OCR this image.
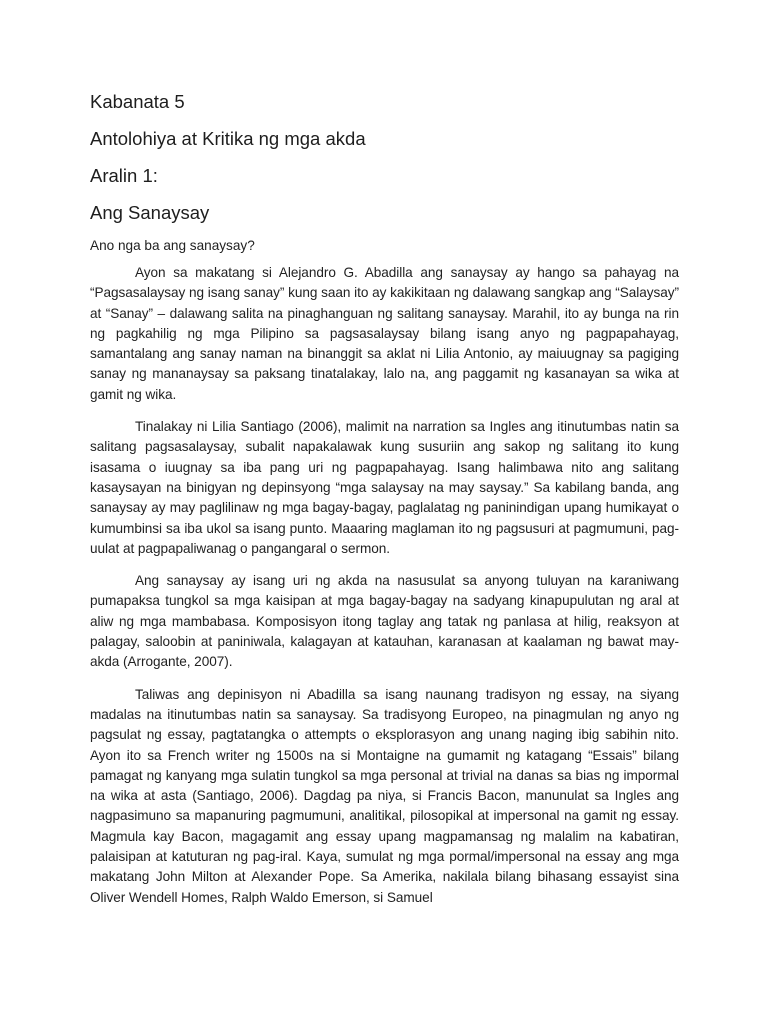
Kabanata 5
Antolohiya at Kritika ng mga akda
Aralin 1:
Ang Sanaysay

Ano nga ba ang sanaysay?

Ayon sa makatang si Alejandro G. Abadilla ang sanaysay ay hango sa pahayag na “Pagsasalaysay ng isang sanay” kung saan ito ay kakikitaan ng dalawang sangkap ang “Salaysay” at “Sanay” – dalawang salita na pinaghanguan ng salitang sanaysay. Marahil, ito ay bunga na rin ng pagkahilig ng mga Pilipino sa pagsasalaysay bilang isang anyo ng pagpapahayag, samantalang ang sanay naman na binanggit sa aklat ni Lilia Antonio, ay maiuugnay sa pagiging sanay ng mananaysay sa paksang tinatalakay, lalo na, ang paggamit ng kasanayan sa wika at gamit ng wika.

Tinalakay ni Lilia Santiago (2006), malimit na narration sa Ingles ang itinutumbas natin sa salitang pagsasalaysay, subalit napakalawak kung susuriin ang sakop ng salitang ito kung isasama o iuugnay sa iba pang uri ng pagpapahayag. Isang halimbawa nito ang salitang kasaysayan na binigyan ng depinsyong “mga salaysay na may saysay.” Sa kabilang banda, ang sanaysay ay may paglilinaw ng mga bagay-bagay, paglalatag ng paninindigan upang humikayat o kumumbinsi sa iba ukol sa isang punto. Maaaring maglaman ito ng pagsusuri at pagmumuni, pag-uulat at pagpapaliwanag o pangangaral o sermon.

Ang sanaysay ay isang uri ng akda na nasusulat sa anyong tuluyan na karaniwang pumapaksa tungkol sa mga kaisipan at mga bagay-bagay na sadyang kinapupulutan ng aral at aliw ng mga mambabasa. Komposisyon itong taglay ang tatak ng panlasa at hilig, reaksyon at palagay, saloobin at paniniwala, kalagayan at katauhan, karanasan at kaalaman ng bawat may-akda (Arrogante, 2007).

Taliwas ang depinisyon ni Abadilla sa isang naunang tradisyon ng essay, na siyang madalas na itinutumbas natin sa sanaysay. Sa tradisyong Europeo, na pinagmulan ng anyo ng pagsulat ng essay, pagtatangka o attempts o eksplorasyon ang unang naging ibig sabihin nito. Ayon ito sa French writer ng 1500s na si Montaigne na gumamit ng katagang “Essais” bilang pamagat ng kanyang mga sulatin tungkol sa mga personal at trivial na danas sa bias ng impormal na wika at asta (Santiago, 2006). Dagdag pa niya, si Francis Bacon, manunulat sa Ingles ang nagpasimuno sa mapanuring pagmumuni, analitikal, pilosopikal at impersonal na gamit ng essay. Magmula kay Bacon, magagamit ang essay upang magpamansag ng malalim na kabatiran, palaisipan at katuturan ng pag-iral. Kaya, sumulat ng mga pormal/impersonal na essay ang mga makatang John Milton at Alexander Pope. Sa Amerika, nakilala bilang bihasang essayist sina Oliver Wendell Homes, Ralph Waldo Emerson, si Samuel
